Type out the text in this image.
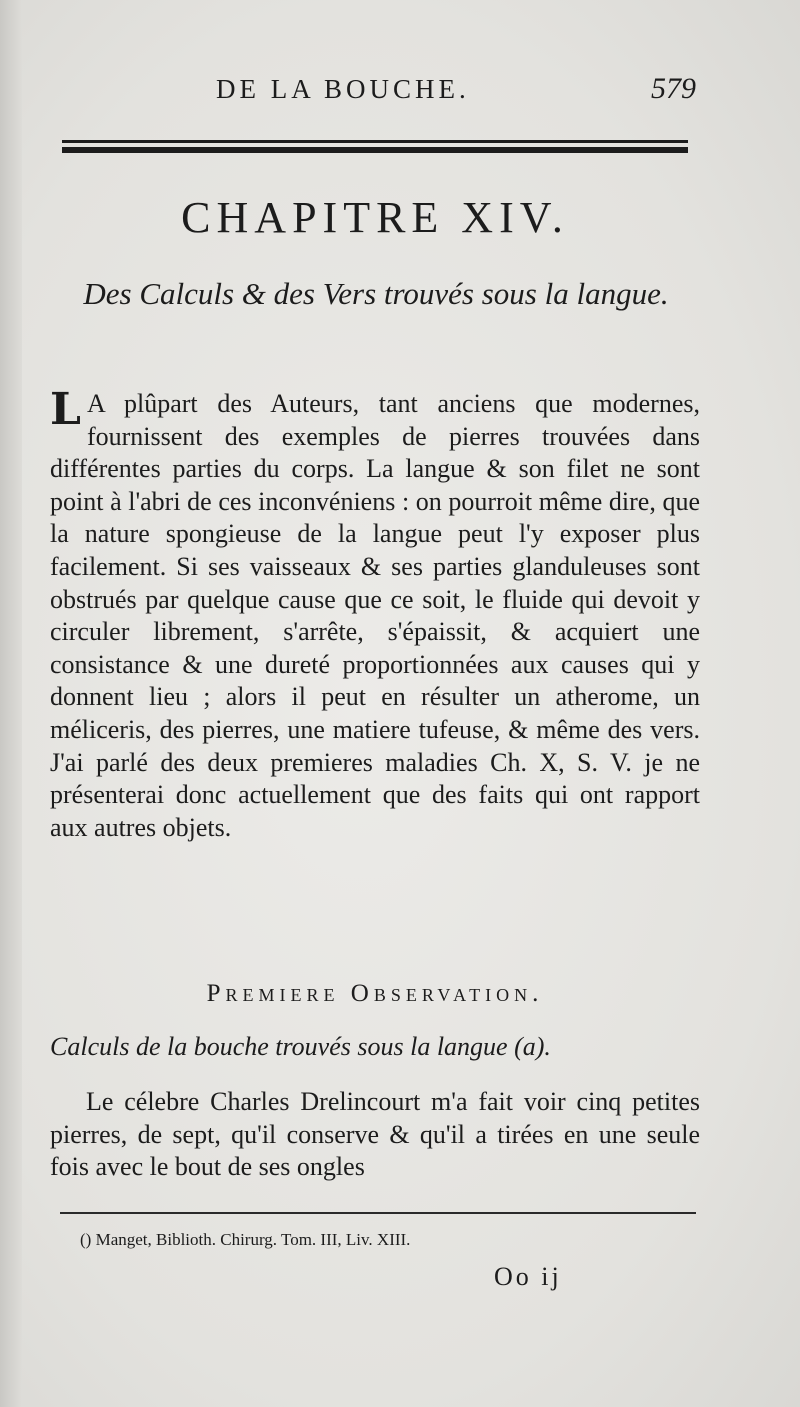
DE LA BOUCHE.	579
CHAPITRE XIV.

Des Calculs & des Vers trouvés sous la langue.

L A plûpart des Auteurs, tant anciens que modernes, fournissent des exemples de pierres trouvées dans différentes parties du corps. La langue & son filet ne sont point à l'abri de ces inconvéniens : on pourroit même dire, que la nature spongieuse de la langue peut l'y exposer plus facilement. Si ses vaisseaux & ses parties glanduleuses sont obstrués par quelque cause que ce soit, le fluide qui devoit y circuler librement, s'arrête, s'épaissit, & acquiert une consistance & une dureté proportionnées aux causes qui y donnent lieu ; alors il peut en résulter un atherome, un méliceris, des pierres, une matiere tufeuse, & même des vers. J'ai parlé des deux premieres maladies Ch. X, S. V. je ne présenterai donc actuellement que des faits qui ont rapport aux autres objets.

Premiere Observation.

Calculs de la bouche trouvés sous la langue (a).

Le célebre Charles Drelincourt m'a fait voir cinq petites pierres, de sept, qu'il conserve & qu'il a tirées en une seule fois avec le bout de ses ongles

() Manget, Biblioth. Chirurg. Tom. III, Liv. XIII.

Oo ij
